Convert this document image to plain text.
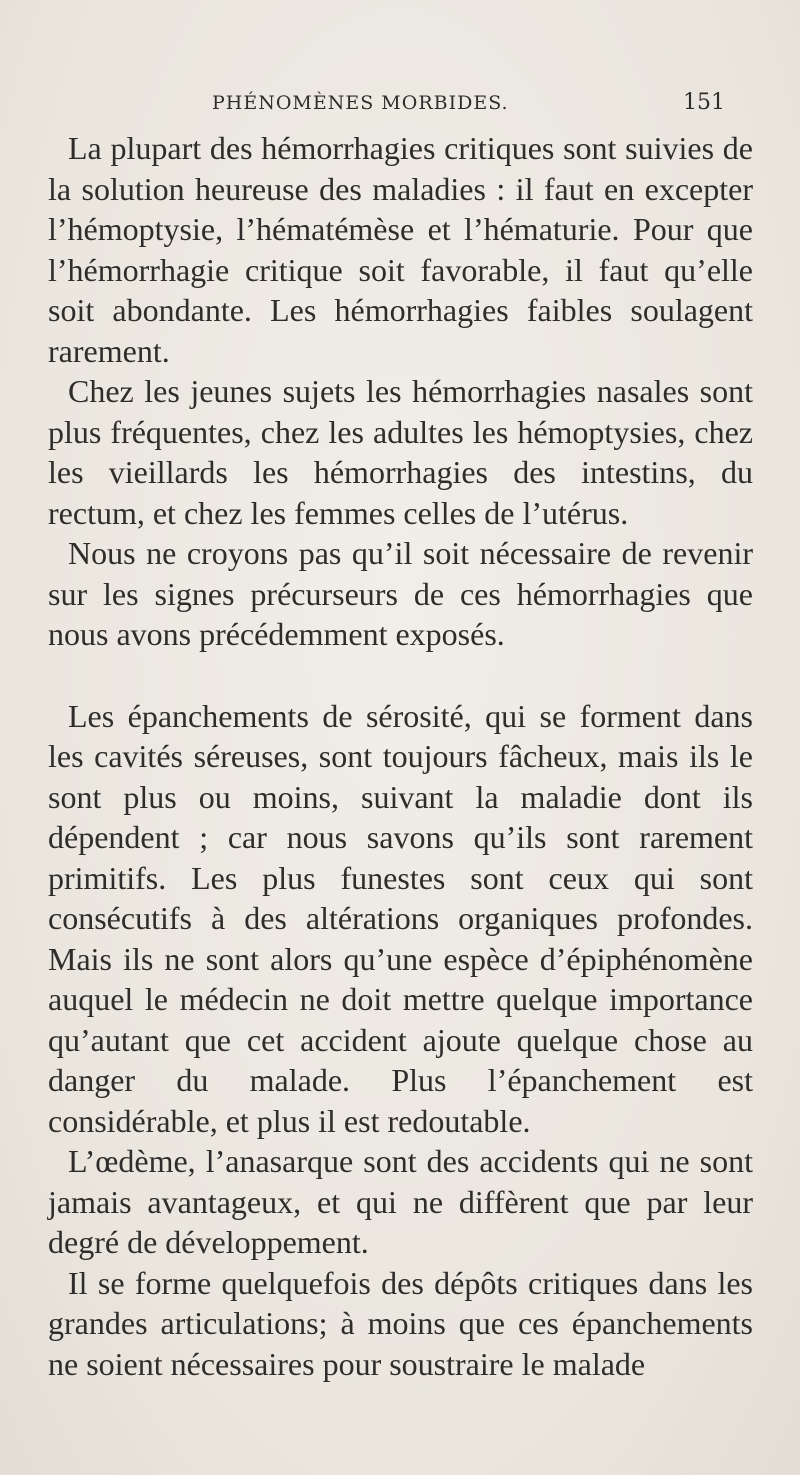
PHÉNOMÈNES MORBIDES.	151

La plupart des hémorrhagies critiques sont suivies de la solution heureuse des maladies : il faut en excepter l’hémoptysie, l’hématémèse et l’hématurie. Pour que l’hémorrhagie critique soit favorable, il faut qu’elle soit abondante. Les hémorrhagies faibles soulagent rarement.

Chez les jeunes sujets les hémorrhagies nasales sont plus fréquentes, chez les adultes les hémoptysies, chez les vieillards les hémorrhagies des intestins, du rectum, et chez les femmes celles de l’utérus.

Nous ne croyons pas qu’il soit nécessaire de revenir sur les signes précurseurs de ces hémorrhagies que nous avons précédemment exposés.

Les épanchements de sérosité, qui se forment dans les cavités séreuses, sont toujours fâcheux, mais ils le sont plus ou moins, suivant la maladie dont ils dépendent ; car nous savons qu’ils sont rarement primitifs. Les plus funestes sont ceux qui sont consécutifs à des altérations organiques profondes. Mais ils ne sont alors qu’une espèce d’épiphénomène auquel le médecin ne doit mettre quelque importance qu’autant que cet accident ajoute quelque chose au danger du malade. Plus l’épanchement est considérable, et plus il est redoutable.

L’œdème, l’anasarque sont des accidents qui ne sont jamais avantageux, et qui ne diffèrent que par leur degré de développement.

Il se forme quelquefois des dépôts critiques dans les grandes articulations; à moins que ces épanchements ne soient nécessaires pour soustraire le malade
